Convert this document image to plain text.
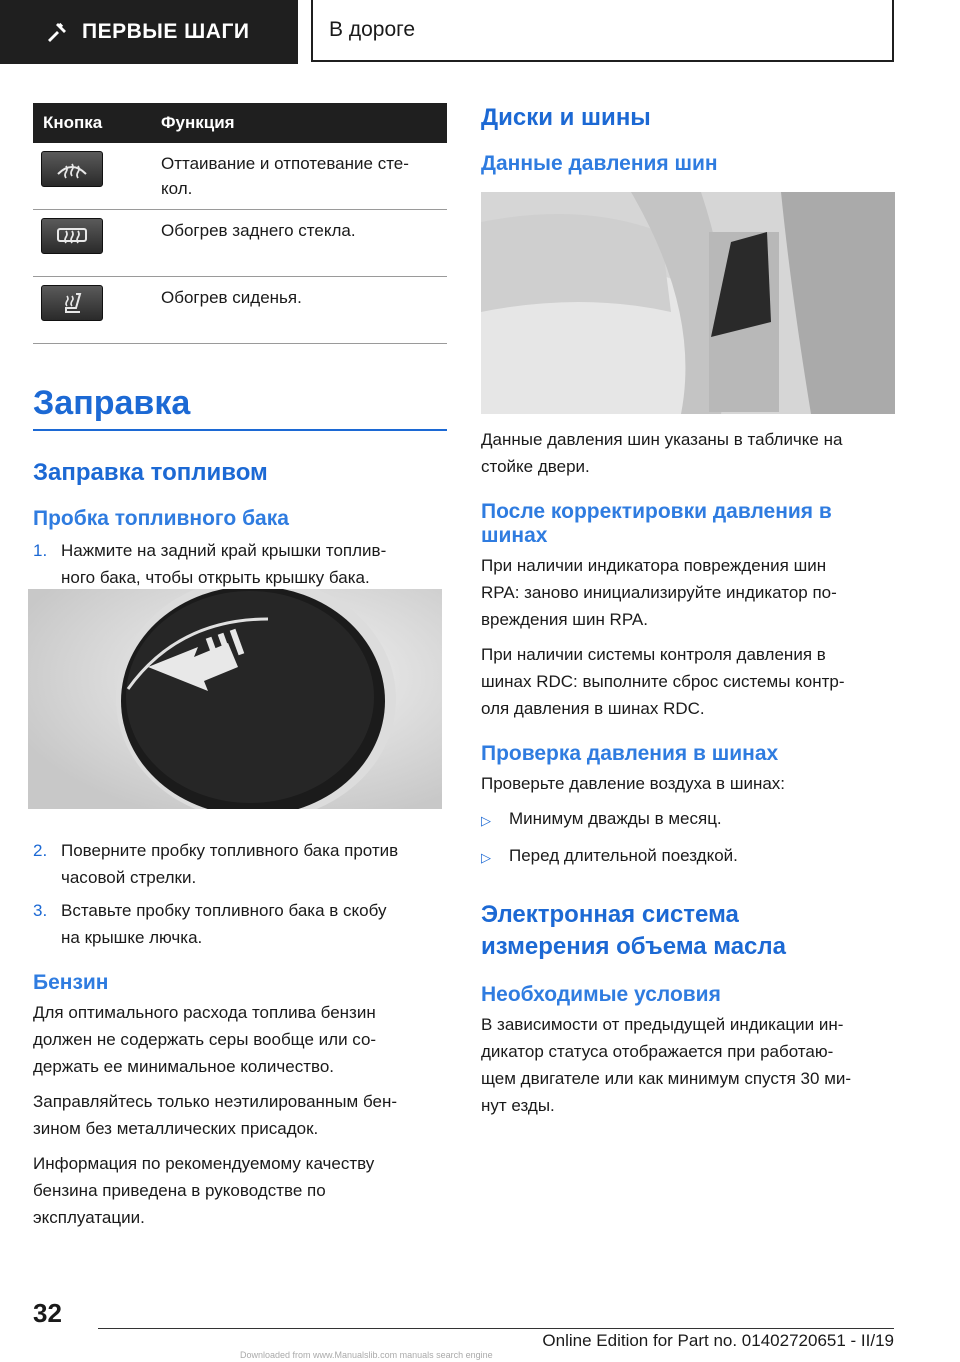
ПЕРВЫЕ ШАГИ	В дороге
Кнопка	Функция

	Оттаивание и отпотевание сте-
кол.

	Обогрев заднего стекла.

	Обогрев сиденья.
Заправка
Заправка топливом
Пробка топливного бака
1. Нажмите на задний край крышки топлив-
ного бака, чтобы открыть крышку бака.
2. Поверните пробку топливного бака против
часовой стрелки.
3. Вставьте пробку топливного бака в скобу
на крышке лючка.
Бензин
Для оптимального расхода топлива бензин
должен не содержать серы вообще или со-
держать ее минимальное количество.
Заправляйтесь только неэтилированным бен-
зином без металлических присадок.
Информация по рекомендуемому качеству
бензина приведена в руководстве по
эксплуатации.
Диски и шины
Данные давления шин
Данные давления шин указаны в табличке на
стойке двери.
После корректировки давления в
шинах
При наличии индикатора повреждения шин
RPA: заново инициализируйте индикатор по-
вреждения шин RPA.
При наличии системы контроля давления в
шинах RDC: выполните сброс системы контр-
оля давления в шинах RDC.
Проверка давления в шинах
Проверьте давление воздуха в шинах:
▷	Минимум дважды в месяц.
▷	Перед длительной поездкой.
Электронная система
измерения объема масла
Необходимые условия
В зависимости от предыдущей индикации ин-
дикатор статуса отображается при работаю-
щем двигателе или как минимум спустя 30 ми-
нут езды.
32
Online Edition for Part no. 01402720651 - II/19
Downloaded from www.Manualslib.com manuals search engine
